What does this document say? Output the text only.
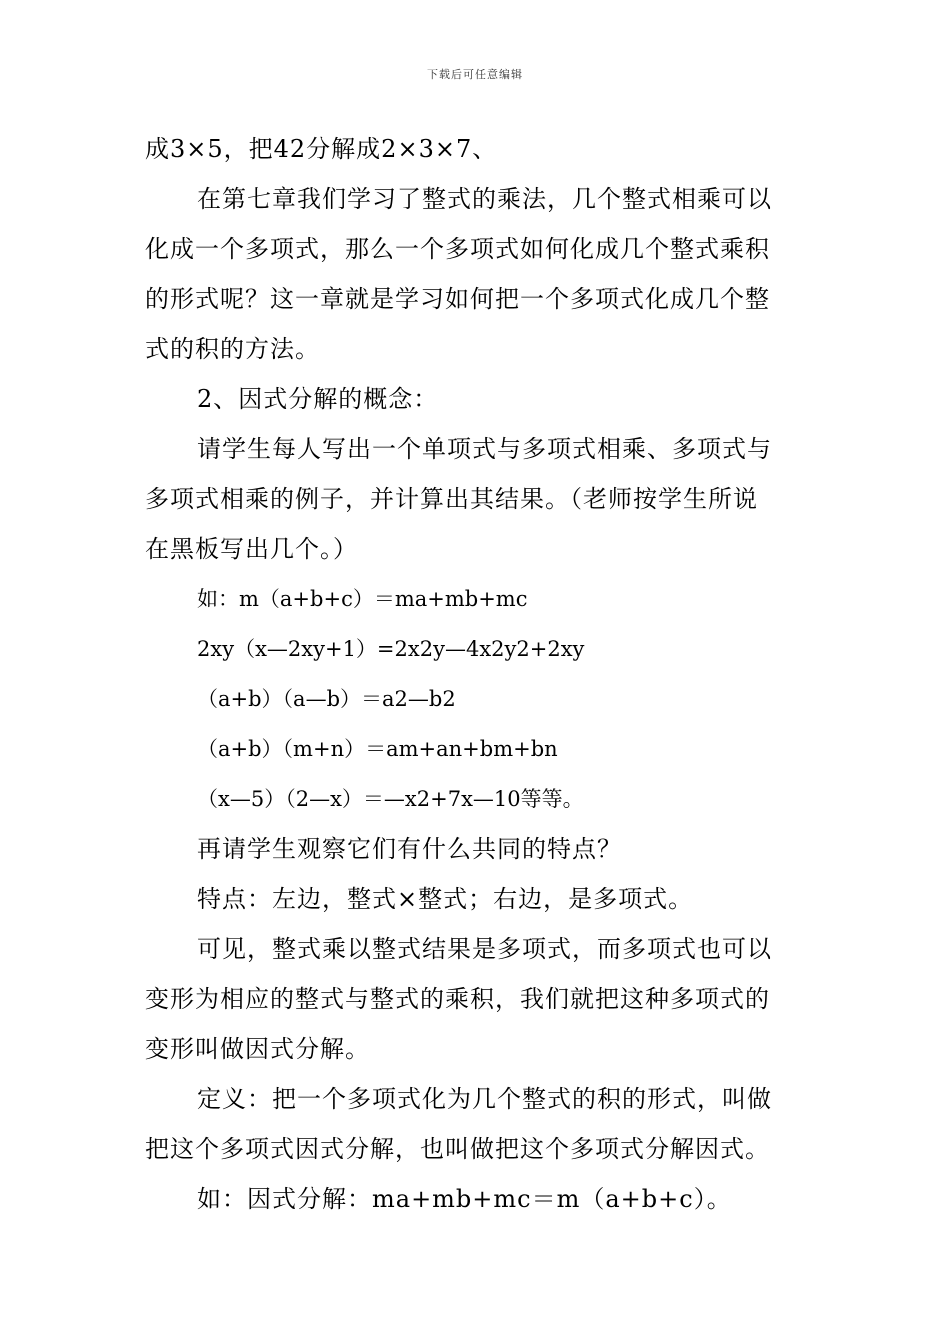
下载后可任意编辑
成3×5，把42分解成2×3×7、
在第七章我们学习了整式的乘法，几个整式相乘可以
化成一个多项式，那么一个多项式如何化成几个整式乘积
的形式呢？这一章就是学习如何把一个多项式化成几个整
式的积的方法。
2、因式分解的概念：
请学生每人写出一个单项式与多项式相乘、多项式与
多项式相乘的例子，并计算出其结果。（老师按学生所说
在黑板写出几个。）
如：m（a+b+c）＝ma+mb+mc
2xy（x—2xy+1）=2x2y—4x2y2+2xy
（a+b）（a—b）＝a2—b2
（a+b）（m+n）＝am+an+bm+bn
（x—5）（2—x）＝—x2+7x—10等等。
再请学生观察它们有什么共同的特点？
特点：左边，整式×整式；右边，是多项式。
可见，整式乘以整式结果是多项式，而多项式也可以
变形为相应的整式与整式的乘积，我们就把这种多项式的
变形叫做因式分解。
定义：把一个多项式化为几个整式的积的形式，叫做
把这个多项式因式分解，也叫做把这个多项式分解因式。
如：因式分解：ma+mb+mc＝m（a+b+c）。
